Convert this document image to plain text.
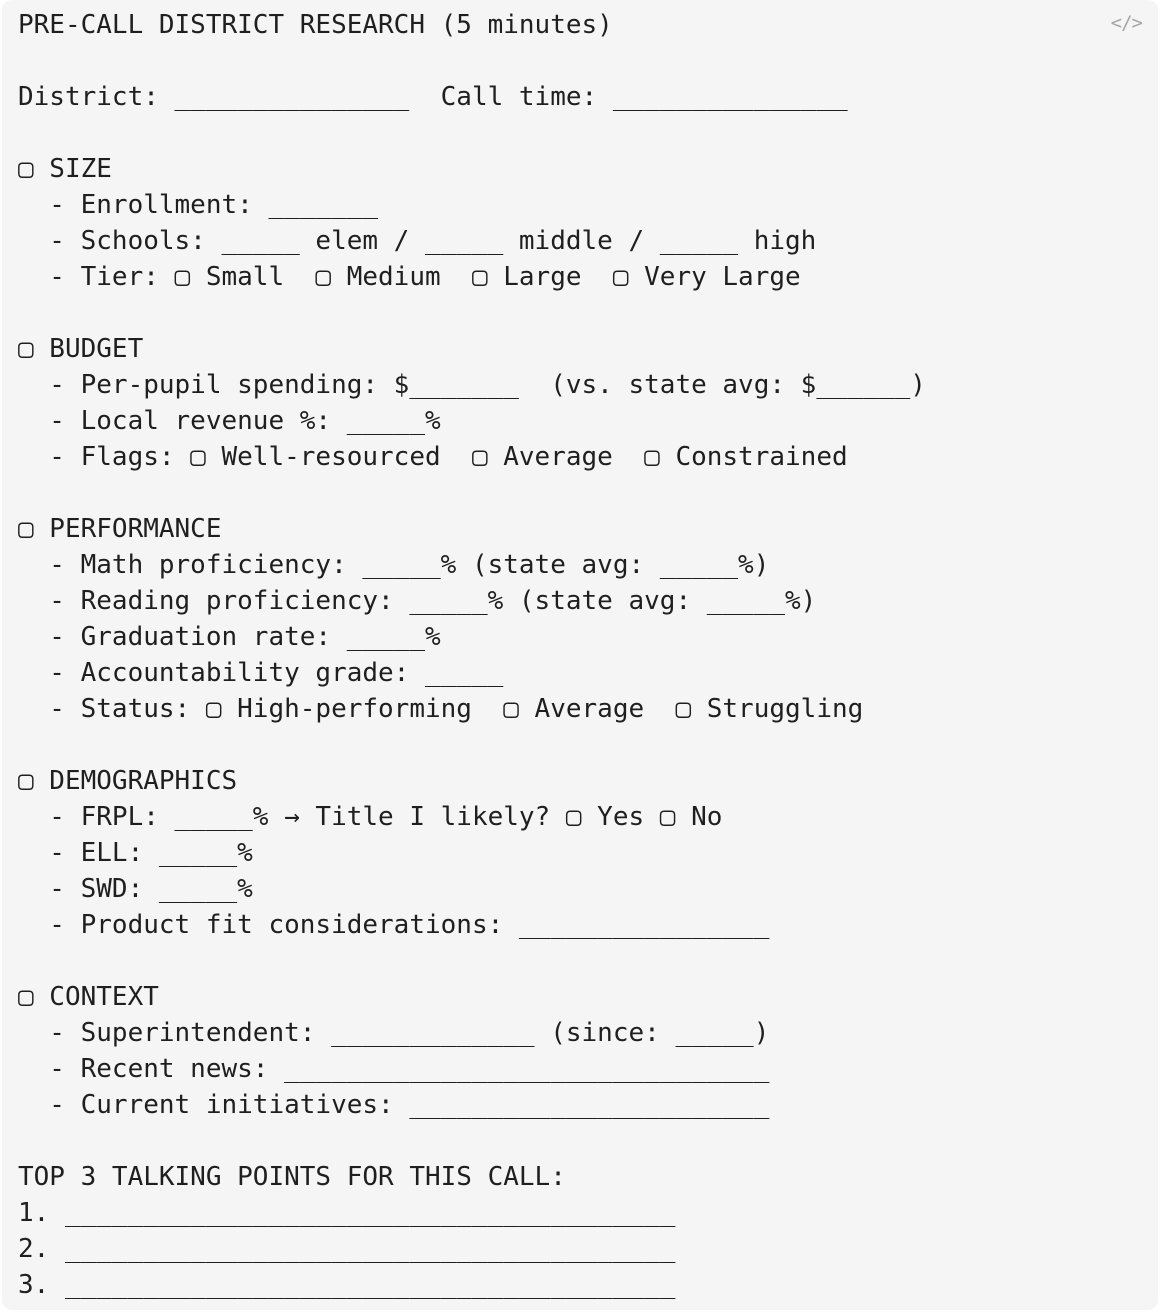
</>
PRE-CALL DISTRICT RESEARCH (5 minutes)
District: _______________  Call time: _______________
▢ SIZE
- Enrollment: _______
- Schools: _____ elem / _____ middle / _____ high
- Tier: ▢ Small  ▢ Medium  ▢ Large  ▢ Very Large
▢ BUDGET
- Per-pupil spending: $_______  (vs. state avg: $______)
- Local revenue %: _____%
- Flags: ▢ Well-resourced  ▢ Average  ▢ Constrained
▢ PERFORMANCE
- Math proficiency: _____% (state avg: _____%)
- Reading proficiency: _____% (state avg: _____%)
- Graduation rate: _____%
- Accountability grade: _____
- Status: ▢ High-performing  ▢ Average  ▢ Struggling
▢ DEMOGRAPHICS
- FRPL: _____% → Title I likely? ▢ Yes ▢ No
- ELL: _____%
- SWD: _____%
- Product fit considerations: ________________
▢ CONTEXT
- Superintendent: _____________ (since: _____)
- Recent news: _______________________________
- Current initiatives: _______________________
TOP 3 TALKING POINTS FOR THIS CALL:
1. _______________________________________
2. _______________________________________
3. _______________________________________
